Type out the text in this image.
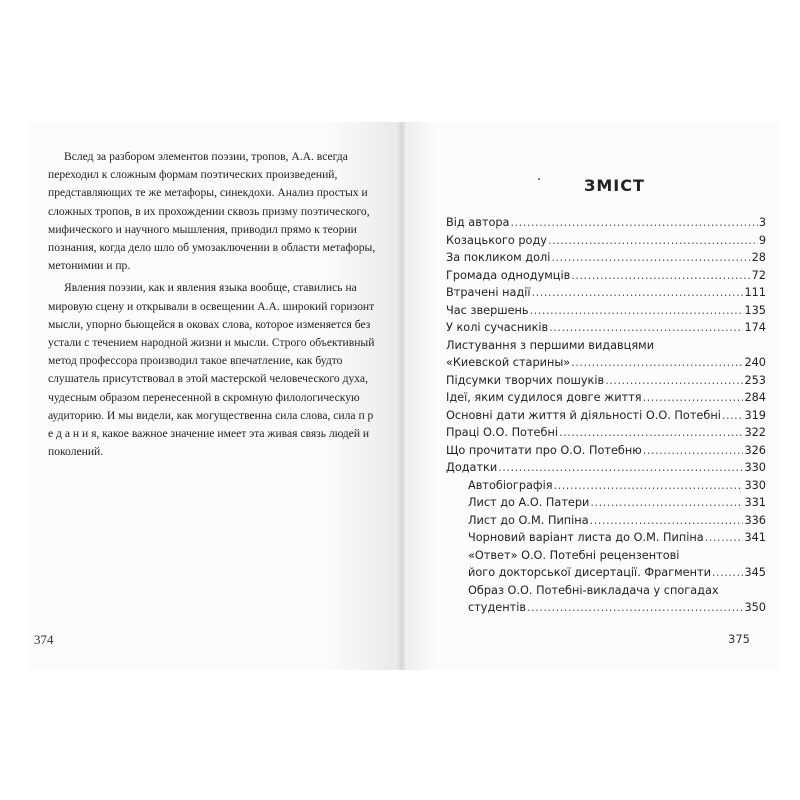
Вслед за разбором элементов поэзии, тропов, А.А. всегда переходил к сложным формам поэтических произведений, представляющих те же метафоры, синекдохи. Анализ простых и сложных тропов, в их прохождении сквозь призму поэтического, мифического и научного мышления, приводил прямо к теории познания, когда дело шло об умозаключении в области метафоры, метонимии и пр.

Явления поэзии, как и явления языка вообще, ставились на мировую сцену и открывали в освещении А.А. широкий горизонт мысли, упорно бьющейся в оковах слова, которое изменяется без устали с течением народной жизни и мысли. Строго объективный метод профессора производил такое впечатление, как будто слушатель присутствовал в этой мастерской человеческого духа, чудесным образом перенесенной в скромную филологическую аудиторию. И мы видели, как могущественна сила слова, сила п р е д а н и я, какое важное значение имеет эта живая связь людей и поколений.

374
ЗМІСТ
Від автора .....	3
Козацького роду .....	9
За покликом долі .....	28
Громада однодумців .....	72
Втрачені надії .....	111
Час звершень .....	135
У колі сучасників .....	174
Листування з першими видавцями
«Киевской старины» .....	240
Підсумки творчих пошуків .....	253
Ідеї, яким судилося довге життя .....	284
Основні дати життя й діяльності О.О. Потебні ..... 319
Праці О.О. Потебні .....	322
Що прочитати про О.О. Потебню .....	326
Додатки .....	330
Автобіографія .....	330
Лист до А.О. Патери .....	331
Лист до О.М. Пипіна .....	336
Чорновий варіант листа до О.М. Пипіна .....	341
«Ответ» О.О. Потебні рецензентові
його докторської дисертації. Фрагменти .....	345
Образ О.О. Потебні-викладача у спогадах
студентів .....	350
375
